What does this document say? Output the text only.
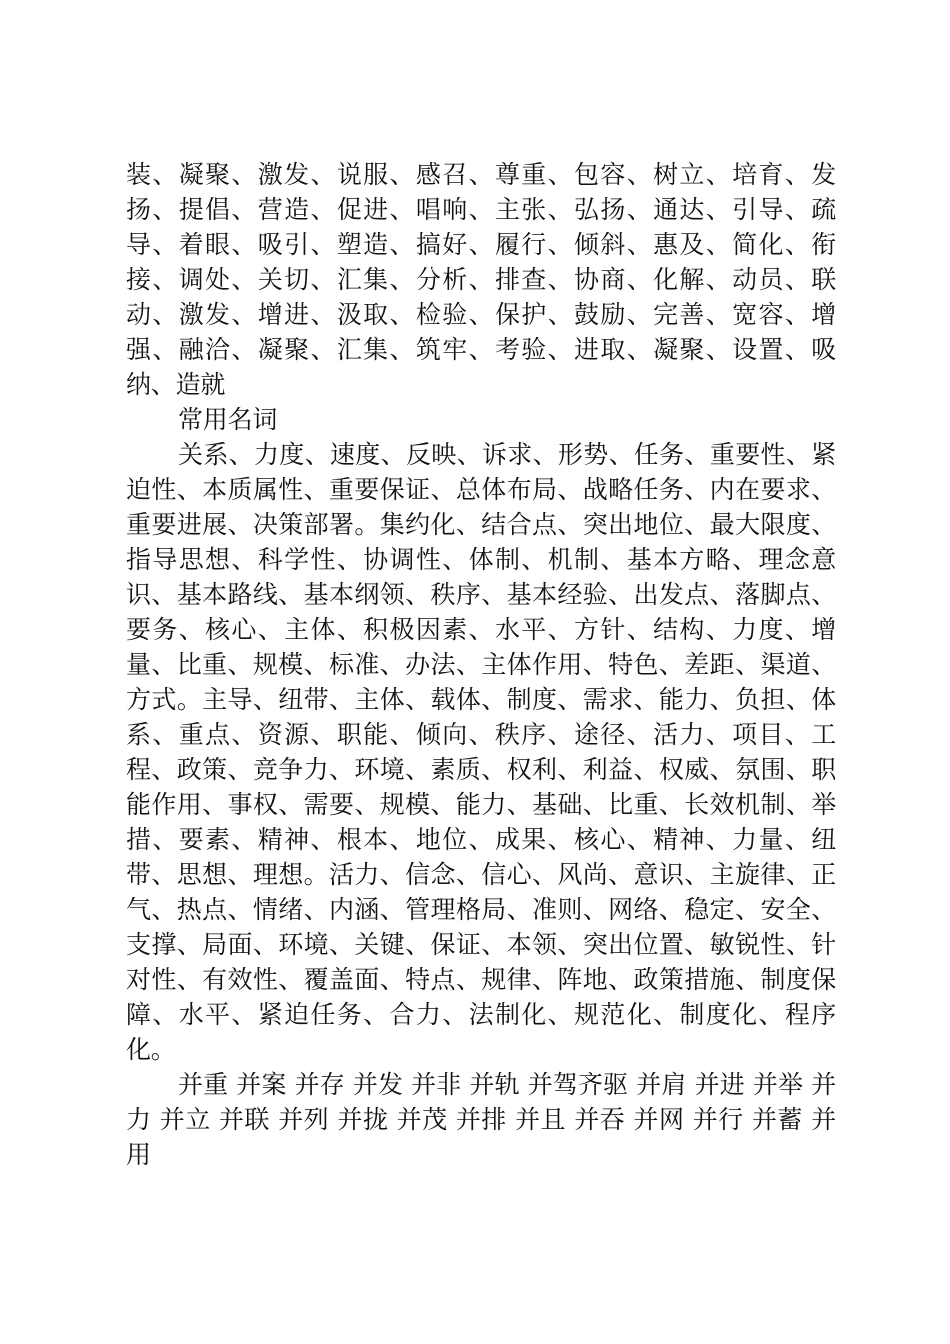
装、凝聚、激发、说服、感召、尊重、包容、树立、培育、发扬、提倡、营造、促进、唱响、主张、弘扬、通达、引导、疏导、着眼、吸引、塑造、搞好、履行、倾斜、惠及、简化、衔接、调处、关切、汇集、分析、排查、协商、化解、动员、联动、激发、增进、汲取、检验、保护、鼓励、完善、宽容、增强、融洽、凝聚、汇集、筑牢、考验、进取、凝聚、设置、吸纳、造就

常用名词

关系、力度、速度、反映、诉求、形势、任务、重要性、紧迫性、本质属性、重要保证、总体布局、战略任务、内在要求、重要进展、决策部署。集约化、结合点、突出地位、最大限度、指导思想、科学性、协调性、体制、机制、基本方略、理念意识、基本路线、基本纲领、秩序、基本经验、出发点、落脚点、要务、核心、主体、积极因素、水平、方针、结构、力度、增量、比重、规模、标准、办法、主体作用、特色、差距、渠道、方式。主导、纽带、主体、载体、制度、需求、能力、负担、体系、重点、资源、职能、倾向、秩序、途径、活力、项目、工程、政策、竞争力、环境、素质、权利、利益、权威、氛围、职能作用、事权、需要、规模、能力、基础、比重、长效机制、举措、要素、精神、根本、地位、成果、核心、精神、力量、纽带、思想、理想。活力、信念、信心、风尚、意识、主旋律、正气、热点、情绪、内涵、管理格局、准则、网络、稳定、安全、支撑、局面、环境、关键、保证、本领、突出位置、敏锐性、针对性、有效性、覆盖面、特点、规律、阵地、政策措施、制度保障、水平、紧迫任务、合力、法制化、规范化、制度化、程序化。

并重 并案 并存 并发 并非 并轨 并驾齐驱 并肩 并进 并举 并力 并立 并联 并列 并拢 并茂 并排 并且 并吞 并网 并行 并蓄 并用
